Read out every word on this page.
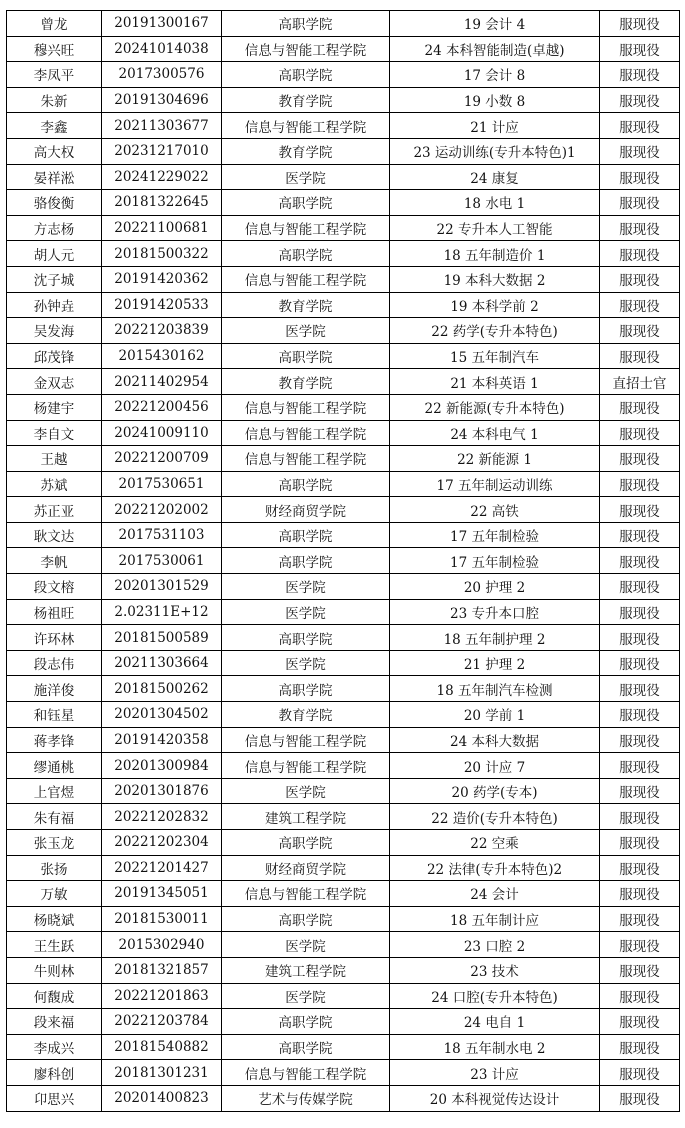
曾龙	20191300167	高职学院	19 会计 4	服现役
穆兴旺	20241014038	信息与智能工程学院	24 本科智能制造(卓越)	服现役
李凤平	2017300576	高职学院	17 会计 8	服现役
朱新	20191304696	教育学院	19 小数 8	服现役
李鑫	20211303677	信息与智能工程学院	21 计应	服现役
高大权	20231217010	教育学院	23 运动训练(专升本特色)1	服现役
晏祥淞	20241229022	医学院	24 康复	服现役
骆俊衡	20181322645	高职学院	18 水电 1	服现役
方志杨	20221100681	信息与智能工程学院	22 专升本人工智能	服现役
胡人元	20181500322	高职学院	18 五年制造价 1	服现役
沈子城	20191420362	信息与智能工程学院	19 本科大数据 2	服现役
孙钟垚	20191420533	教育学院	19 本科学前 2	服现役
吴发海	20221203839	医学院	22 药学(专升本特色)	服现役
邱茂锋	2015430162	高职学院	15 五年制汽车	服现役
金双志	20211402954	教育学院	21 本科英语 1	直招士官
杨建宇	20221200456	信息与智能工程学院	22 新能源(专升本特色)	服现役
李自文	20241009110	信息与智能工程学院	24 本科电气 1	服现役
王越	20221200709	信息与智能工程学院	22 新能源 1	服现役
苏斌	2017530651	高职学院	17 五年制运动训练	服现役
苏正亚	20221202002	财经商贸学院	22 高铁	服现役
耿文达	2017531103	高职学院	17 五年制检验	服现役
李帆	2017530061	高职学院	17 五年制检验	服现役
段文榕	20201301529	医学院	20 护理 2	服现役
杨祖旺	2.02311E+12	医学院	23 专升本口腔	服现役
许环林	20181500589	高职学院	18 五年制护理 2	服现役
段志伟	20211303664	医学院	21 护理 2	服现役
施洋俊	20181500262	高职学院	18 五年制汽车检测	服现役
和钰星	20201304502	教育学院	20 学前 1	服现役
蒋孝锋	20191420358	信息与智能工程学院	24 本科大数据	服现役
缪通桃	20201300984	信息与智能工程学院	20 计应 7	服现役
上官煜	20201301876	医学院	20 药学(专本)	服现役
朱有福	20221202832	建筑工程学院	22 造价(专升本特色)	服现役
张玉龙	20221202304	高职学院	22 空乘	服现役
张扬	20221201427	财经商贸学院	22 法律(专升本特色)2	服现役
万敏	20191345051	信息与智能工程学院	24 会计	服现役
杨晓斌	20181530011	高职学院	18 五年制计应	服现役
王生跃	2015302940	医学院	23 口腔 2	服现役
牛则林	20181321857	建筑工程学院	23 技术	服现役
何馥成	20221201863	医学院	24 口腔(专升本特色)	服现役
段来福	20221203784	高职学院	24 电自 1	服现役
李成兴	20181540882	高职学院	18 五年制水电 2	服现役
廖科创	20181301231	信息与智能工程学院	23 计应	服现役
卬思兴	20201400823	艺术与传媒学院	20 本科视觉传达设计	服现役
